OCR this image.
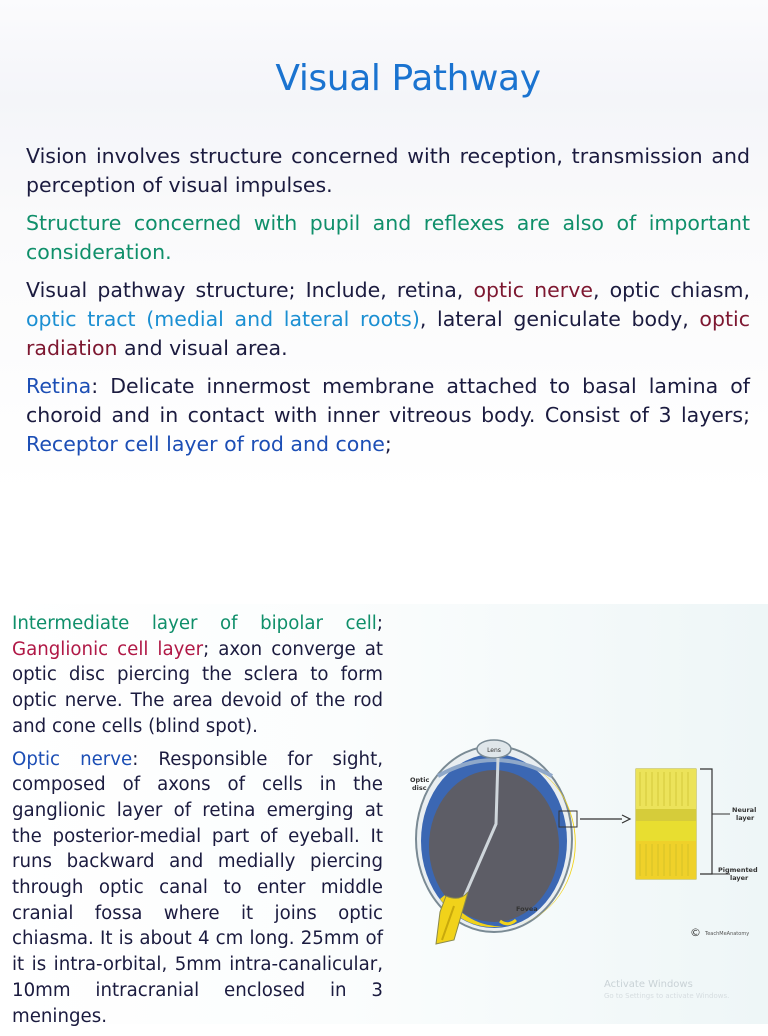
Visual Pathway

Vision involves structure concerned with reception, transmission and perception of visual impulses.

Structure concerned with pupil and reflexes are also of important consideration.

Visual pathway structure; Include, retina, optic nerve, optic chiasm, optic tract (medial and lateral roots), lateral geniculate body, optic radiation and visual area.

Retina: Delicate innermost membrane attached to basal lamina of choroid and in contact with inner vitreous body. Consist of 3 layers; Receptor cell layer of rod and cone;

Intermediate layer of bipolar cell; Ganglionic cell layer; axon converge at optic disc piercing the sclera to form optic nerve. The area devoid of the rod and cone cells (blind spot).

Optic nerve: Responsible for sight, composed of axons of cells in the ganglionic layer of retina emerging at the posterior-medial part of eyeball. It runs backward and medially piercing through optic canal to enter middle cranial fossa where it joins optic chiasma. It is about 4 cm long. 25mm of it is intra-orbital, 5mm intra-canalicular, 10mm intracranial enclosed in 3 meninges.

Lens
Optic disc
Fovea
Neural layer
Pigmented layer
© TeachMeAnatomy
Activate Windows
Go to Settings to activate Windows.
